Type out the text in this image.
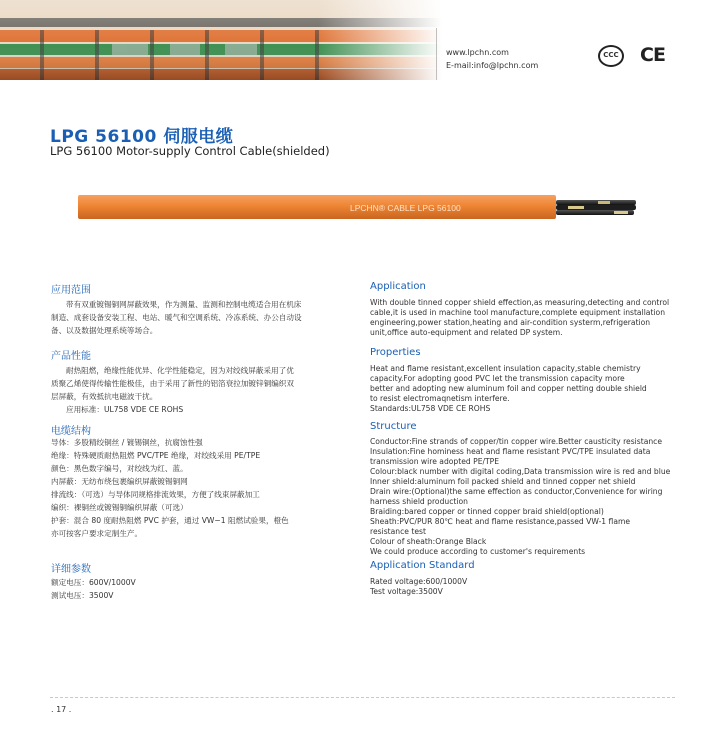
www.lpchn.com
E-mail:info@lpchn.com
CCC CE
LPG 56100 伺服电缆
LPG 56100 Motor-supply Control Cable(shielded)
LPCHN® CABLE LPG 56100
应用范围
带有双重镀锡铜网屏蔽效果，作为测量、监测和控制电缆适合用在机床
制造、成套设备安装工程、电站、暖气和空调系统、冷冻系统、办公自动设
备、以及数据处理系统等场合。
产品性能
耐热阻燃，绝缘性能优异、化学性能稳定，因为对绞线屏蔽采用了优
质聚乙烯使得传输性能极佳，由于采用了新性的铝箔衰拉加镀锌铜编织双
层屏蔽，有效抵抗电磁波干扰。
应用标准：UL758 VDE CE ROHS
电缆结构
导体：多股精绞铜丝 / 镀锡铜丝，抗腐蚀性强
绝缘：特殊硬质耐热阻燃 PVC/TPE 绝缘，对绞线采用 PE/TPE
颜色：黑色数字编号，对绞线为红、蓝。
内屏蔽：无纺布绕包裹编织屏蔽镀锡铜网
排流线：（可选）与导体同规格排流效果，方便了线束屏蔽加工
编织：裸铜丝或镀锡铜编织屏蔽（可选）
护套：混合 80 度耐热阻燃 PVC 护套，通过 VW−1 阻燃试验果，橙色
亦可按客户要求定制生产。
详细参数
额定电压：600V/1000V
测试电压：3500V
Application
With double tinned copper shield effection,as measuring,detecting and control
cable,it is used in machine tool manufacture,complete equipment installation
engineering,power station,heating and air-condition systerm,refrigeration
unit,office auto-equipment and related DP system.
Properties
Heat and flame resistant,excellent insulation capacity,stable chemistry
capacity.For adopting good PVC let the transmission capacity more
better and adopting new aluminum foil and copper netting double shield
to resist electromaqnetism interfere.
Standards:UL758 VDE CE ROHS
Structure
Conductor:Fine strands of copper/tin copper wire.Better causticity resistance
Insulation:Fine hominess heat and flame resistant PVC/TPE insulated data
transmission wire adopted PE/TPE
Colour:black number with digital coding,Data transmission wire is red and blue
Inner shield:aluminum foil packed shield and tinned copper net shield
Drain wire:(Optional)the same effection as conductor,Convenience for wiring
harness shield production
Braiding:bared copper or tinned copper braid shield(optional)
Sheath:PVC/PUR 80℃ heat and flame resistance,passed VW-1 flame
resistance test
Colour of sheath:Orange Black
We could produce according to customer's requirements
Application Standard
Rated voltage:600/1000V
Test voltage:3500V
. 17 .
